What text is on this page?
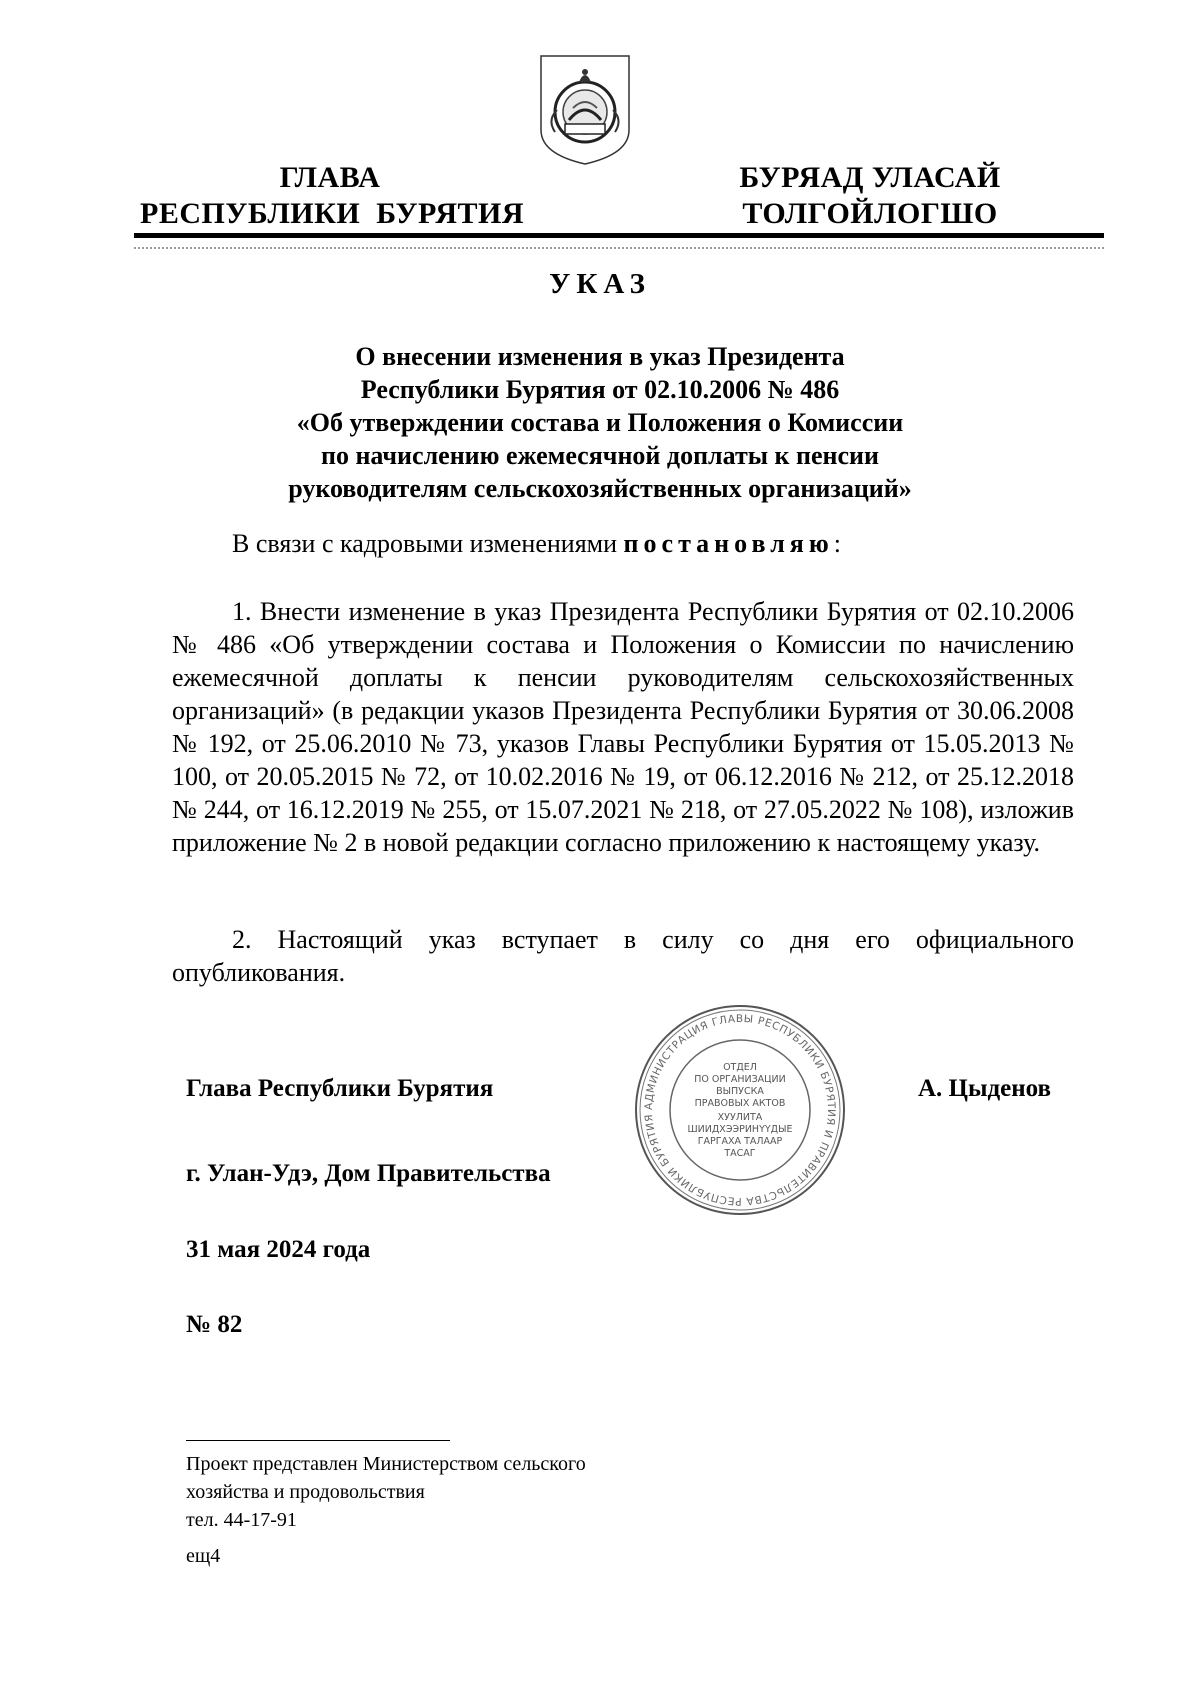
ГЛАВА
РЕСПУБЛИКИ  БУРЯТИЯ
БУРЯАД УЛАСАЙ
ТОЛГОЙЛОГШО
УКАЗ
О внесении изменения в указ Президента
Республики Бурятия от 02.10.2006 № 486
«Об утверждении состава и Положения о Комиссии
по начислению ежемесячной доплаты к пенсии
руководителям сельскохозяйственных организаций»
В связи с кадровыми изменениями постановляю:
1. Внести изменение в указ Президента Республики Бурятия от 02.10.2006 № 486 «Об утверждении состава и Положения о Комиссии по начислению ежемесячной доплаты к пенсии руководителям сельскохозяйственных организаций» (в редакции указов Президента Республики Бурятия от 30.06.2008 № 192, от 25.06.2010 № 73, указов Главы Республики Бурятия от 15.05.2013 № 100, от 20.05.2015 № 72, от 10.02.2016 № 19, от 06.12.2016 № 212, от 25.12.2018 № 244, от 16.12.2019 № 255, от 15.07.2021 № 218, от 27.05.2022 № 108), изложив приложение № 2 в новой редакции согласно приложению к настоящему указу.
2. Настоящий указ вступает в силу со дня его официального опубликования.
АДМИНИСТРАЦИЯ ГЛАВЫ РЕСПУБЛИКИ БУРЯТИЯ И ПРАВИТЕЛЬСТВА РЕСПУБЛИКИ БУРЯТИЯ
ОТДЕЛ
ПО ОРГАНИЗАЦИИ
ВЫПУСКА
ПРАВОВЫХ АКТОВ
ХУУЛИТА
ШИИДХЭЭРИНҮҮДЫЕ
ГАРГАХА ТАЛААР
ТАСАГ
Глава Республики Бурятия	А. Цыденов
г. Улан-Удэ, Дом Правительства
31 мая 2024 года
№ 82
Проект представлен Министерством сельского
хозяйства и продовольствия
тел. 44-17-91
ещ4
